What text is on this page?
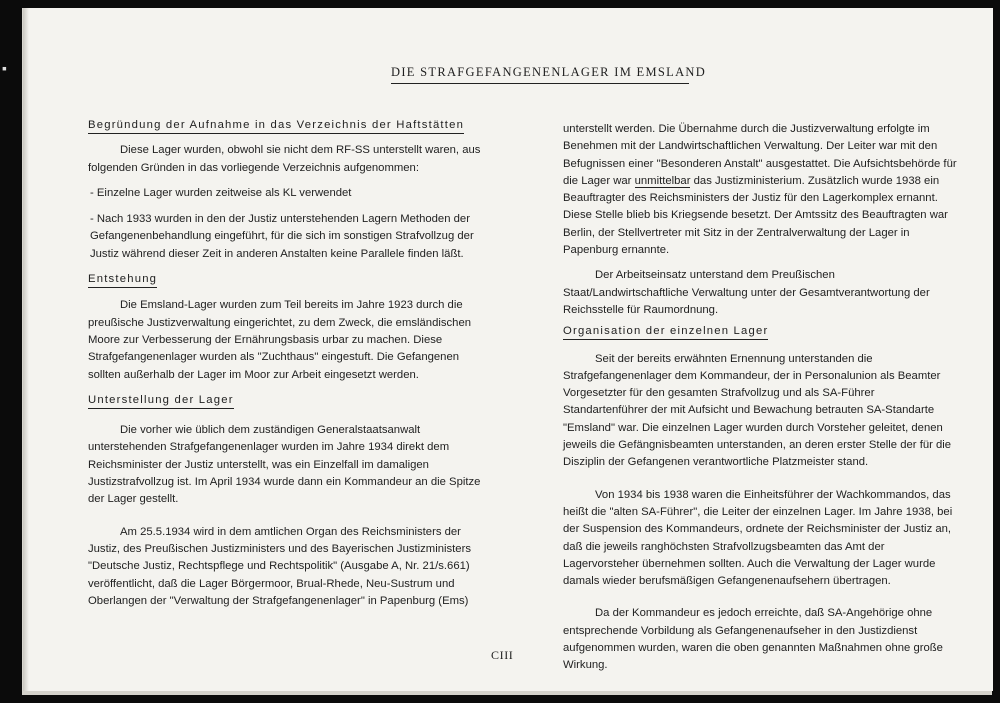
▪	DIE STRAFGEFANGENENLAGER IM EMSLAND

Begründung der Aufnahme in das Verzeichnis der Haftstätten

Diese Lager wurden, obwohl sie nicht dem RF-SS unterstellt waren, aus folgenden Gründen in das vorliegende Verzeichnis aufgenommen:

- Einzelne Lager wurden zeitweise als KL verwendet

- Nach 1933 wurden in den der Justiz unterstehenden Lagern Methoden der Gefangenenbehandlung eingeführt, für die sich im sonstigen Strafvollzug der Justiz während dieser Zeit in anderen Anstalten keine Parallele finden läßt.

Entstehung

Die Emsland-Lager wurden zum Teil bereits im Jahre 1923 durch die preußische Justizverwaltung eingerichtet, zu dem Zweck, die emsländischen Moore zur Verbesserung der Ernährungsbasis urbar zu machen. Diese Strafgefangenenlager wurden als "Zuchthaus" eingestuft. Die Gefangenen sollten außerhalb der Lager im Moor zur Arbeit eingesetzt werden.

Unterstellung der Lager

Die vorher wie üblich dem zuständigen Generalstaatsanwalt unterstehenden Strafgefangenenlager wurden im Jahre 1934 direkt dem Reichsminister der Justiz unterstellt, was ein Einzelfall im damaligen Justizstrafvollzug ist. Im April 1934 wurde dann ein Kommandeur an die Spitze der Lager gestellt.

Am 25.5.1934 wird in dem amtlichen Organ des Reichsministers der Justiz, des Preußischen Justizministers und des Bayerischen Justizministers "Deutsche Justiz, Rechtspflege und Rechtspolitik" (Ausgabe A, Nr. 21/s.661) veröffentlicht, daß die Lager Börgermoor, Brual-Rhede, Neu-Sustrum und Oberlangen der "Verwaltung der Strafgefangenenlager" in Papenburg (Ems)

unterstellt werden. Die Übernahme durch die Justizverwaltung erfolgte im Benehmen mit der Landwirtschaftlichen Verwaltung. Der Leiter war mit den Befugnissen einer "Besonderen Anstalt" ausgestattet. Die Aufsichtsbehörde für die Lager war unmittelbar das Justizministerium. Zusätzlich wurde 1938 ein Beauftragter des Reichsministers der Justiz für den Lagerkomplex ernannt. Diese Stelle blieb bis Kriegsende besetzt. Der Amtssitz des Beauftragten war Berlin, der Stellvertreter mit Sitz in der Zentralverwaltung der Lager in Papenburg ernannte.

Der Arbeitseinsatz unterstand dem Preußischen Staat/Landwirtschaftliche Verwaltung unter der Gesamtverantwortung der Reichsstelle für Raumordnung.

Organisation der einzelnen Lager

Seit der bereits erwähnten Ernennung unterstanden die Strafgefangenenlager dem Kommandeur, der in Personalunion als Beamter Vorgesetzter für den gesamten Strafvollzug und als SA-Führer Standartenführer der mit Aufsicht und Bewachung betrauten SA-Standarte "Emsland" war. Die einzelnen Lager wurden durch Vorsteher geleitet, denen jeweils die Gefängnisbeamten unterstanden, an deren erster Stelle der für die Disziplin der Gefangenen verantwortliche Platzmeister stand.

Von 1934 bis 1938 waren die Einheitsführer der Wachkommandos, das heißt die "alten SA-Führer", die Leiter der einzelnen Lager. Im Jahre 1938, bei der Suspension des Kommandeurs, ordnete der Reichsminister der Justiz an, daß die jeweils ranghöchsten Strafvollzugsbeamten das Amt der Lagervorsteher übernehmen sollten. Auch die Verwaltung der Lager wurde damals wieder berufsmäßigen Gefangenenaufsehern übertragen.

Da der Kommandeur es jedoch erreichte, daß SA-Angehörige ohne entsprechende Vorbildung als Gefangenenaufseher in den Justizdienst aufgenommen wurden, waren die oben genannten Maßnahmen ohne große Wirkung.

CIII
